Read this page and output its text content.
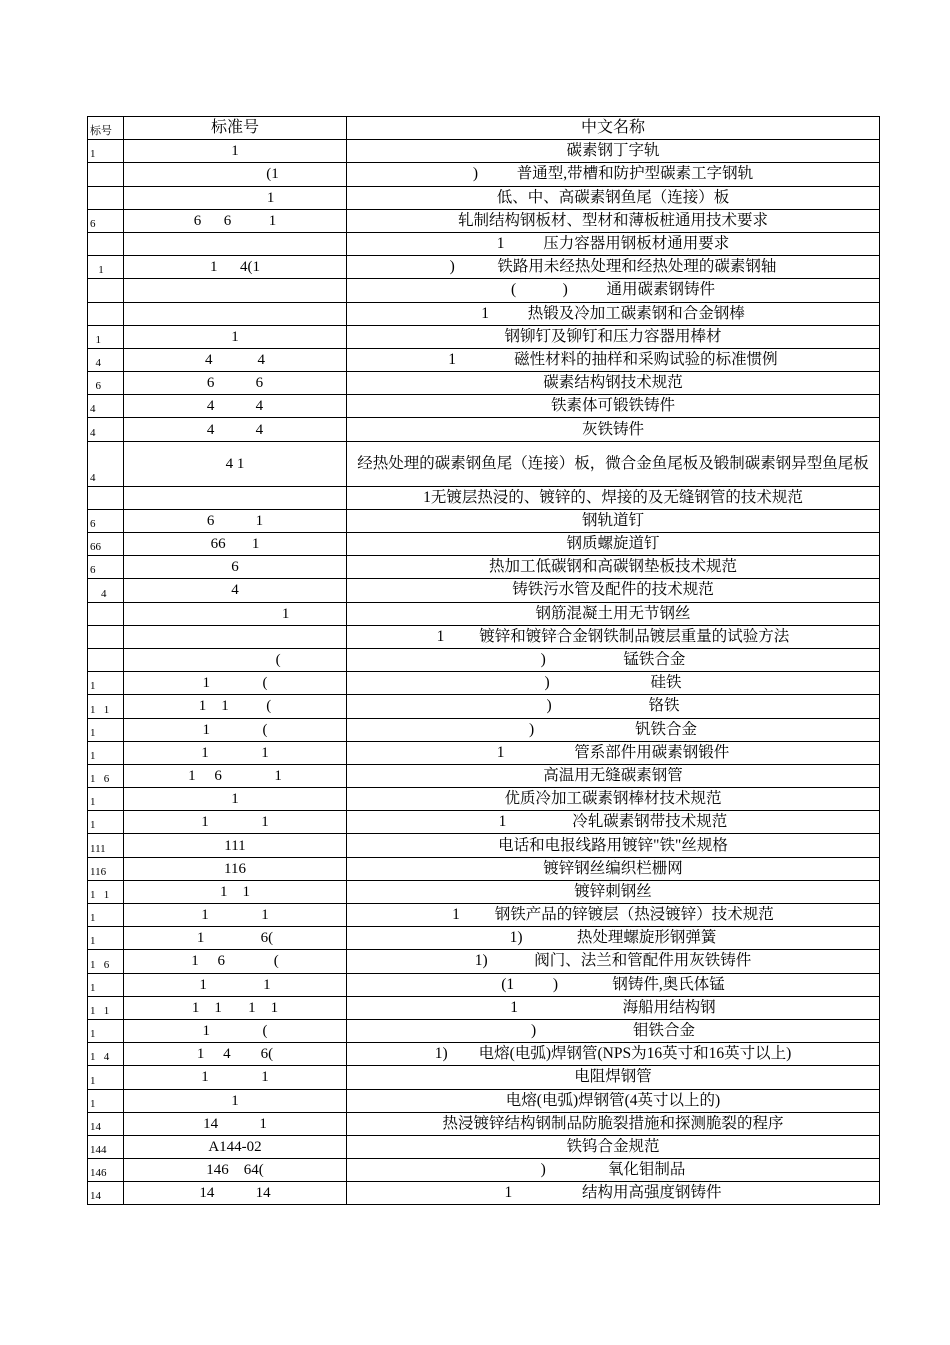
标号	标准号	中文名称
1	1	碳素钢丁字轨
	(1	)          普通型,带槽和防护型碳素工字钢轨
	1	低、中、高碳素钢鱼尾（连接）板
6	6      6          1	轧制结构钢板材、型材和薄板桩通用技术要求
		1          压力容器用钢板材通用要求
1	1      4(1	)           铁路用未经热处理和经热处理的碳素钢轴
		(            )          通用碳素钢铸件
		1          热锻及冷加工碳素钢和合金钢棒
1	1	钢铆钉及铆钉和压力容器用棒材
4	4            4	1               磁性材料的抽样和采购试验的标准惯例
6	6           6	碳素结构钢技术规范
4	4           4	铁素体可锻铁铸件
4	4           4	灰铁铸件
4	4 1	经热处理的碳素钢鱼尾（连接）板，微合金鱼尾板及锻制碳素钢异型鱼尾板
		1无镀层热浸的、镀锌的、焊接的及无缝钢管的技术规范
6	6           1	钢轨道钉
66	66       1	钢质螺旋道钉
6	6	热加工低碳钢和高碳钢垫板技术规范
4	4	铸铁污水管及配件的技术规范
	1	钢筋混凝土用无节钢丝
		1         镀锌和镀锌合金钢铁制品镀层重量的试验方法
	(	)                    锰铁合金
1	1              (	)                          硅铁
1   1	1    1          (	)                         铬铁
1	1              (	)                          钒铁合金
1	1              1	1                  管系部件用碳素钢锻件
1   6	1     6              1	高温用无缝碳素钢管
1	1	优质冷加工碳素钢棒材技术规范
1	1              1	1                 冷轧碳素钢带技术规范
111	111	电话和电报线路用镀锌"铁"丝规格
116	116	镀锌钢丝编织栏栅网
1   1	1    1	镀锌刺钢丝
1	1              1	1         钢铁产品的锌镀层（热浸镀锌）技术规范
1	1               6(	1)              热处理螺旋形钢弹簧
1   6	1     6             (	1)            阀门、法兰和管配件用灰铁铸件
1	1               1	(1          )              钢铸件,奥氏体锰
1   1	1    1       1    1	1                           海船用结构钢
1	1              (	)                         钼铁合金
1   4	1     4        6(	1)        电熔(电弧)焊钢管(NPS为16英寸和16英寸以上)
1	1              1	电阻焊钢管
1	1	电熔(电弧)焊钢管(4英寸以上的)
14	14           1	热浸镀锌结构钢制品防脆裂措施和探测脆裂的程序
144	A144-02	铁钨合金规范
146	146    64(	)                氧化钼制品
14	14           14	1                  结构用高强度钢铸件
